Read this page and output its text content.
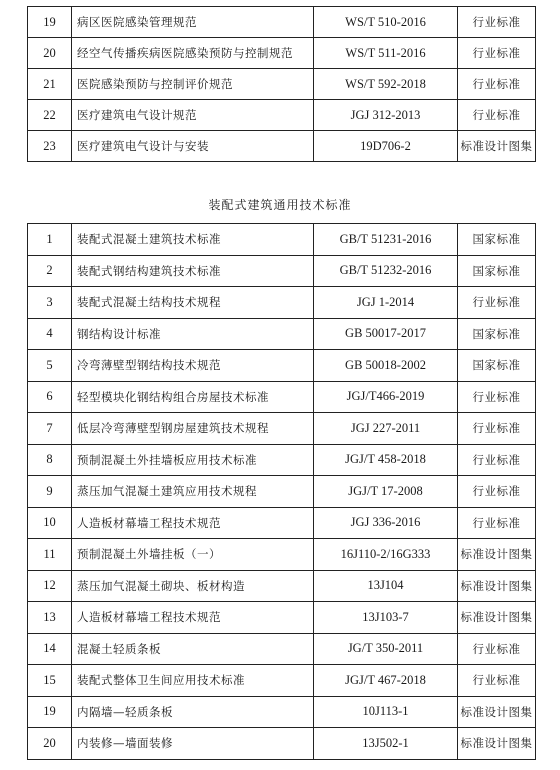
19	病区医院感染管理规范	WS/T 510-2016	行业标准
20	经空气传播疾病医院感染预防与控制规范	WS/T 511-2016	行业标准
21	医院感染预防与控制评价规范	WS/T 592-2018	行业标准
22	医疗建筑电气设计规范	JGJ 312-2013	行业标准
23	医疗建筑电气设计与安装	19D706-2	标准设计图集
装配式建筑通用技术标准
1	装配式混凝土建筑技术标准	GB/T 51231-2016	国家标准
2	装配式钢结构建筑技术标准	GB/T 51232-2016	国家标准
3	装配式混凝土结构技术规程	JGJ 1-2014	行业标准
4	钢结构设计标准	GB 50017-2017	国家标准
5	冷弯薄壁型钢结构技术规范	GB 50018-2002	国家标准
6	轻型模块化钢结构组合房屋技术标准	JGJ/T466-2019	行业标准
7	低层冷弯薄壁型钢房屋建筑技术规程	JGJ 227-2011	行业标准
8	预制混凝土外挂墙板应用技术标准	JGJ/T 458-2018	行业标准
9	蒸压加气混凝土建筑应用技术规程	JGJ/T 17-2008	行业标准
10	人造板材幕墙工程技术规范	JGJ 336-2016	行业标准
11	预制混凝土外墙挂板（一）	16J110-2/16G333	标准设计图集
12	蒸压加气混凝土砌块、板材构造	13J104	标准设计图集
13	人造板材幕墙工程技术规范	13J103-7	标准设计图集
14	混凝土轻质条板	JG/T 350-2011	行业标准
15	装配式整体卫生间应用技术标准	JGJ/T 467-2018	行业标准
19	内隔墙—轻质条板	10J113-1	标准设计图集
20	内装修—墙面装修	13J502-1	标准设计图集
